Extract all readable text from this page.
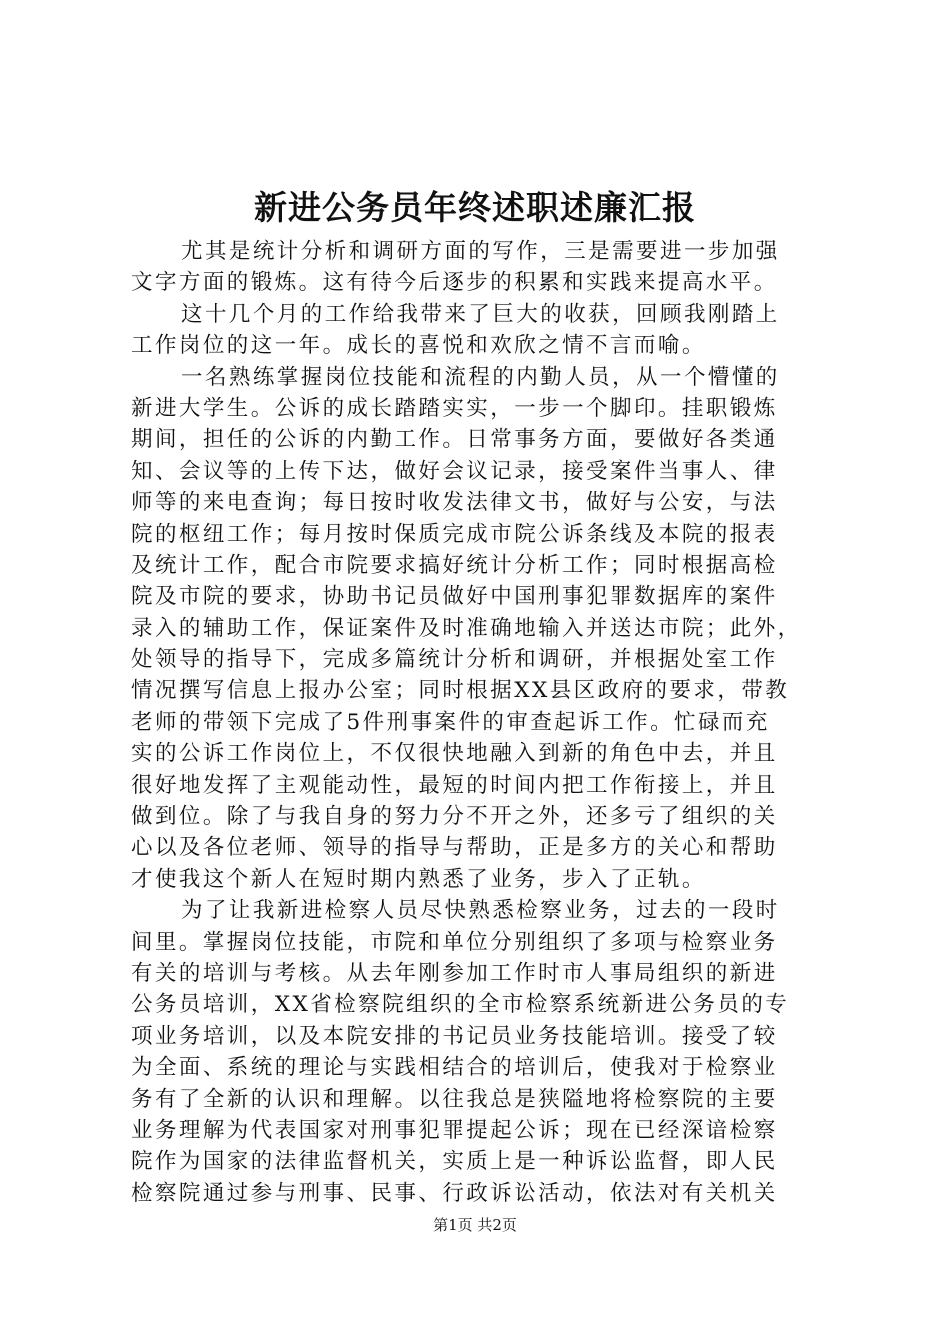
新进公务员年终述职述廉汇报
尤其是统计分析和调研方面的写作，三是需要进一步加强
文字方面的锻炼。这有待今后逐步的积累和实践来提高水平。
这十几个月的工作给我带来了巨大的收获，回顾我刚踏上
工作岗位的这一年。成长的喜悦和欢欣之情不言而喻。
一名熟练掌握岗位技能和流程的内勤人员，从一个懵懂的
新进大学生。公诉的成长踏踏实实，一步一个脚印。挂职锻炼
期间，担任的公诉的内勤工作。日常事务方面，要做好各类通
知、会议等的上传下达，做好会议记录，接受案件当事人、律
师等的来电查询；每日按时收发法律文书，做好与公安，与法
院的枢纽工作；每月按时保质完成市院公诉条线及本院的报表
及统计工作，配合市院要求搞好统计分析工作；同时根据高检
院及市院的要求，协助书记员做好中国刑事犯罪数据库的案件
录入的辅助工作，保证案件及时准确地输入并送达市院；此外，
处领导的指导下，完成多篇统计分析和调研，并根据处室工作
情况撰写信息上报办公室；同时根据XX县区政府的要求，带教
老师的带领下完成了5件刑事案件的审查起诉工作。忙碌而充
实的公诉工作岗位上，不仅很快地融入到新的角色中去，并且
很好地发挥了主观能动性，最短的时间内把工作衔接上，并且
做到位。除了与我自身的努力分不开之外，还多亏了组织的关
心以及各位老师、领导的指导与帮助，正是多方的关心和帮助
才使我这个新人在短时期内熟悉了业务，步入了正轨。
为了让我新进检察人员尽快熟悉检察业务，过去的一段时
间里。掌握岗位技能，市院和单位分别组织了多项与检察业务
有关的培训与考核。从去年刚参加工作时市人事局组织的新进
公务员培训，XX省检察院组织的全市检察系统新进公务员的专
项业务培训，以及本院安排的书记员业务技能培训。接受了较
为全面、系统的理论与实践相结合的培训后，使我对于检察业
务有了全新的认识和理解。以往我总是狭隘地将检察院的主要
业务理解为代表国家对刑事犯罪提起公诉；现在已经深谙检察
院作为国家的法律监督机关，实质上是一种诉讼监督，即人民
检察院通过参与刑事、民事、行政诉讼活动，依法对有关机关
第1页 共2页
